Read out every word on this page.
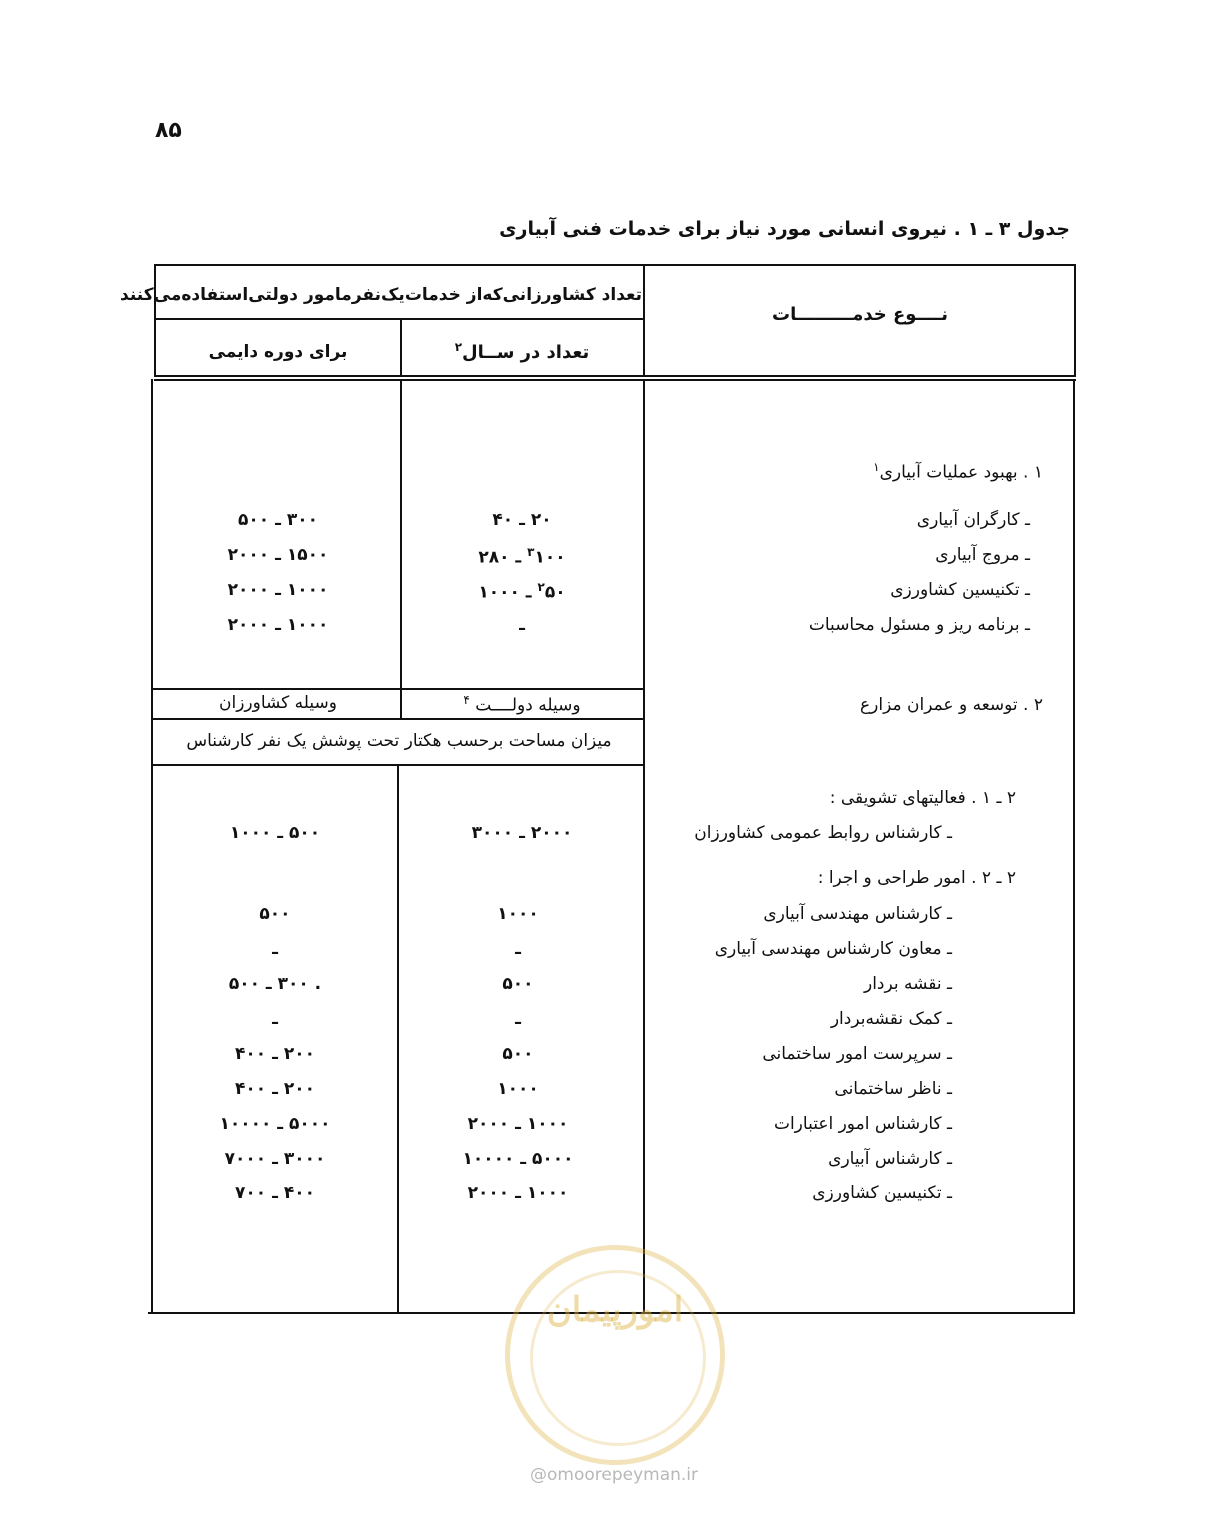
۸۵
جدول ۳ ـ ۱ . نیروی انسانی مورد نیاز برای خدمات فنی آبیاری
نــــوع خدمـــــــــات
تعداد کشاورزانی‌که‌از خدمات‌یک‌نفر‌مامور دولتی‌استفاده‌می‌کنند
تعداد در ســال$^۲$
برای دوره دایمی
۱ . بهبود عملیات آبیاری$^۱$
ـ کارگران آبیاری
۲۰ ـ ۴۰
۳۰۰ ـ ۵۰۰
ـ مروج آبیاری
$^۳$۱۰۰ ـ ۲۸۰
۱۵۰۰ ـ ۲۰۰۰
ـ تکنیسین کشاورزی
$^۲$۵۰ ـ ۱۰۰۰
۱۰۰۰ ـ ۲۰۰۰
ـ برنامه ریز و مسئول محاسبات
ـ
۱۰۰۰ ـ ۲۰۰۰
۲ . توسعه و عمران مزارع
وسیله دولــــت $^۴$
وسیله کشاورزان
میزان مساحت برحسب هکتار تحت پوشش یک نفر کارشناس
۲ ـ ۱ . فعالیتهای تشویقی :
ـ کارشناس روابط عمومی کشاورزان
۲۰۰۰ ـ ۳۰۰۰
۵۰۰ ـ ۱۰۰۰
۲ ـ ۲ . امور طراحی و اجرا :
ـ کارشناس مهندسی آبیاری
۱۰۰۰
۵۰۰
ـ معاون کارشناس مهندسی آبیاری
ـ
ـ
ـ نقشه بردار
۵۰۰
. ۳۰۰ ـ ۵۰۰
ـ کمک نقشه‌بردار
ـ
ـ
ـ سرپرست امور ساختمانی
۵۰۰
۲۰۰ ـ ۴۰۰
ـ ناظر ساختمانی
۱۰۰۰
۲۰۰ ـ ۴۰۰
ـ کارشناس امور اعتبارات
۱۰۰۰ ـ ۲۰۰۰
۵۰۰۰ ـ ۱۰۰۰۰
ـ کارشناس آبیاری
۵۰۰۰ ـ ۱۰۰۰۰
۳۰۰۰ ـ ۷۰۰۰
ـ تکنیسین کشاورزی
۱۰۰۰ ـ ۲۰۰۰
۴۰۰ ـ ۷۰۰
امورپیمان
@omoorepeyman.ir
